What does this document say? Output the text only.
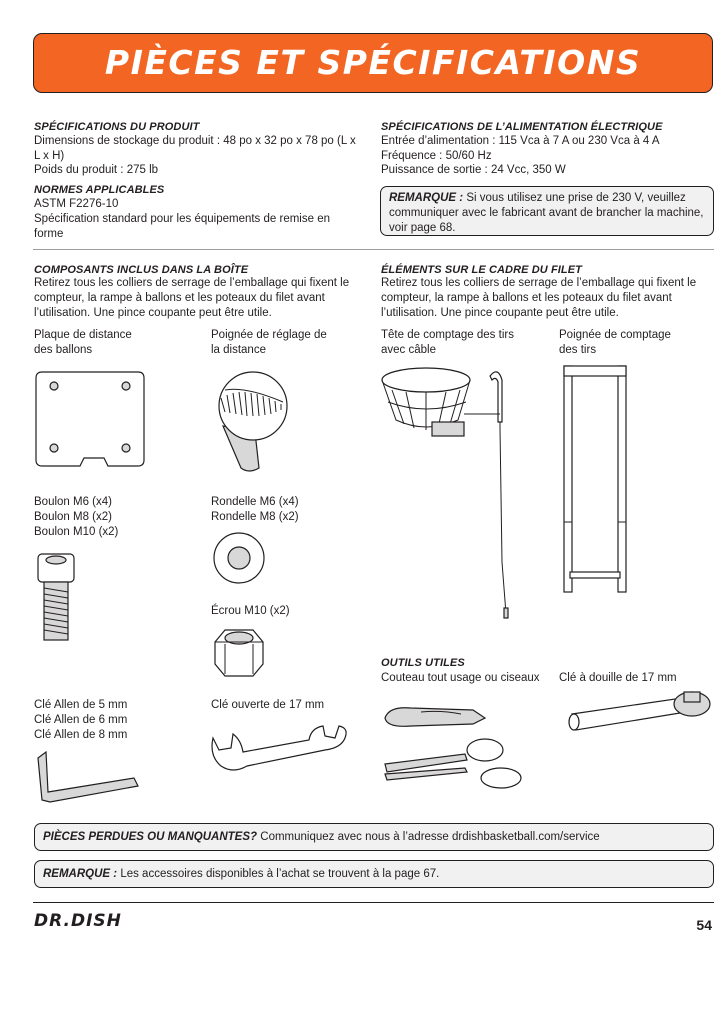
PIÈCES ET SPÉCIFICATIONS
SPÉCIFICATIONS DU PRODUIT
Dimensions de stockage du produit : 48 po x 32 po x 78 po (L x L x H)
Poids du produit : 275 lb
NORMES APPLICABLES
ASTM F2276-10
Spécification standard pour les équipements de remise en forme
SPÉCIFICATIONS DE L’ALIMENTATION ÉLECTRIQUE
Entrée d’alimentation : 115 Vca à 7 A ou 230 Vca à 4 A
Fréquence : 50/60 Hz
Puissance de sortie : 24 Vcc, 350 W
REMARQUE : Si vous utilisez une prise de 230 V, veuillez communiquer avec le fabricant avant de brancher la machine, voir page 68.
COMPOSANTS INCLUS DANS LA BOÎTE
Retirez tous les colliers de serrage de l’emballage qui fixent le compteur, la rampe à ballons et les poteaux du filet avant l’utilisation. Une pince coupante peut être utile.
ÉLÉMENTS SUR LE CADRE DU FILET
Retirez tous les colliers de serrage de l’emballage qui fixent le compteur, la rampe à ballons et les poteaux du filet avant l’utilisation. Une pince coupante peut être utile.
Plaque de distance
des ballons
Poignée de réglage de
la distance
Boulon M6 (x4)
Boulon M8 (x2)
Boulon M10 (x2)
Rondelle M6 (x4)
Rondelle M8 (x2)
Écrou M10 (x2)
Clé Allen de 5 mm
Clé Allen de 6 mm
Clé Allen de 8 mm
Clé ouverte de 17 mm
Tête de comptage des tirs
avec câble
Poignée de comptage
des tirs
OUTILS UTILES
Couteau tout usage ou ciseaux Clé à douille de 17 mm
PIÈCES PERDUES OU MANQUANTES? Communiquez avec nous à l’adresse drdishbasketball.com/service
REMARQUE : Les accessoires disponibles à l’achat se trouvent à la page 67.
DR.DISH	54
